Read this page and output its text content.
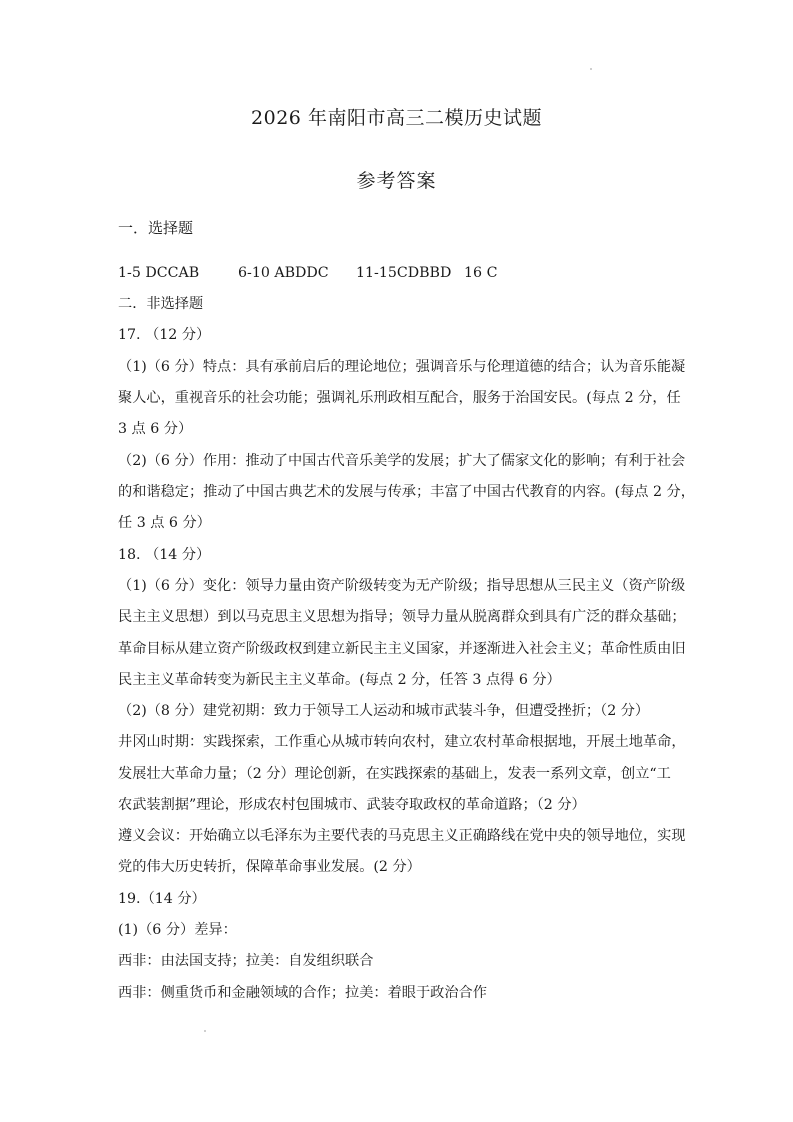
2026 年南阳市高三二模历史试题
参考答案
一．选择题
1-5 DCCAB	6-10 ABDDC 11-15CDBBD 16 C
二．非选择题
17. （12 分）
（1)（6 分）特点：具有承前启后的理论地位；强调音乐与伦理道德的结合；认为音乐能凝
聚人心，重视音乐的社会功能；强调礼乐刑政相互配合，服务于治国安民。(每点 2 分，任
3 点 6 分）
（2)（6 分）作用：推动了中国古代音乐美学的发展；扩大了儒家文化的影响；有利于社会
的和谐稳定；推动了中国古典艺术的发展与传承；丰富了中国古代教育的内容。(每点 2 分，
任 3 点 6 分）
18. （14 分）
（1)（6 分）变化：领导力量由资产阶级转变为无产阶级；指导思想从三民主义（资产阶级
民主主义思想）到以马克思主义思想为指导；领导力量从脱离群众到具有广泛的群众基础；
革命目标从建立资产阶级政权到建立新民主主义国家，并逐渐进入社会主义；革命性质由旧
民主主义革命转变为新民主主义革命。(每点 2 分，任答 3 点得 6 分）
（2)（8 分）建党初期：致力于领导工人运动和城市武装斗争，但遭受挫折；（2 分）
井冈山时期：实践探索，工作重心从城市转向农村，建立农村革命根据地，开展土地革命，
发展壮大革命力量；（2 分）理论创新，在实践探索的基础上，发表一系列文章，创立“工
农武装割据”理论，形成农村包围城市、武装夺取政权的革命道路；（2 分）
遵义会议：开始确立以毛泽东为主要代表的马克思主义正确路线在党中央的领导地位，实现
党的伟大历史转折，保障革命事业发展。(2 分）
19.（14 分）
(1)（6 分）差异：
西非：由法国支持；拉美：自发组织联合
西非：侧重货币和金融领域的合作；拉美：着眼于政治合作
